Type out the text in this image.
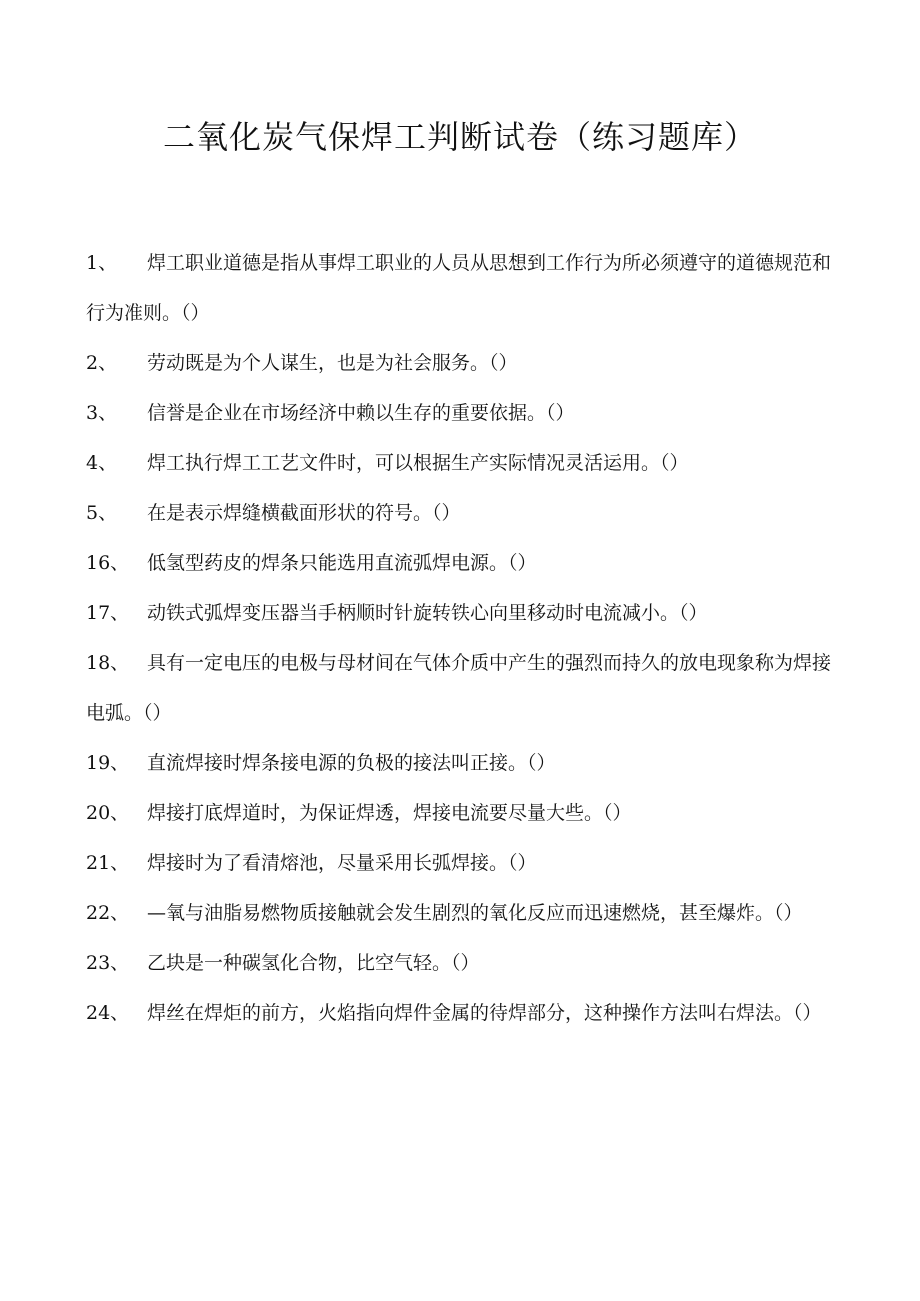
二氧化炭气保焊工判断试卷（练习题库）
1、 焊工职业道德是指从事焊工职业的人员从思想到工作行为所必须遵守的道德规范和行为准则。（）
2、 劳动既是为个人谋生，也是为社会服务。（）
3、 信誉是企业在市场经济中赖以生存的重要依据。（）
4、 焊工执行焊工工艺文件时，可以根据生产实际情况灵活运用。（）
5、 在是表示焊缝横截面形状的符号。（）
16、 低氢型药皮的焊条只能选用直流弧焊电源。（）
17、 动铁式弧焊变压器当手柄顺时针旋转铁心向里移动时电流减小。（）
18、 具有一定电压的电极与母材间在气体介质中产生的强烈而持久的放电现象称为焊接电弧。（）
19、 直流焊接时焊条接电源的负极的接法叫正接。（）
20、 焊接打底焊道时，为保证焊透，焊接电流要尽量大些。（）
21、 焊接时为了看清熔池，尽量采用长弧焊接。（）
22、 —氧与油脂易燃物质接触就会发生剧烈的氧化反应而迅速燃烧，甚至爆炸。（）
23、 乙块是一种碳氢化合物，比空气轻。（）
24、 焊丝在焊炬的前方，火焰指向焊件金属的待焊部分，这种操作方法叫右焊法。（）
